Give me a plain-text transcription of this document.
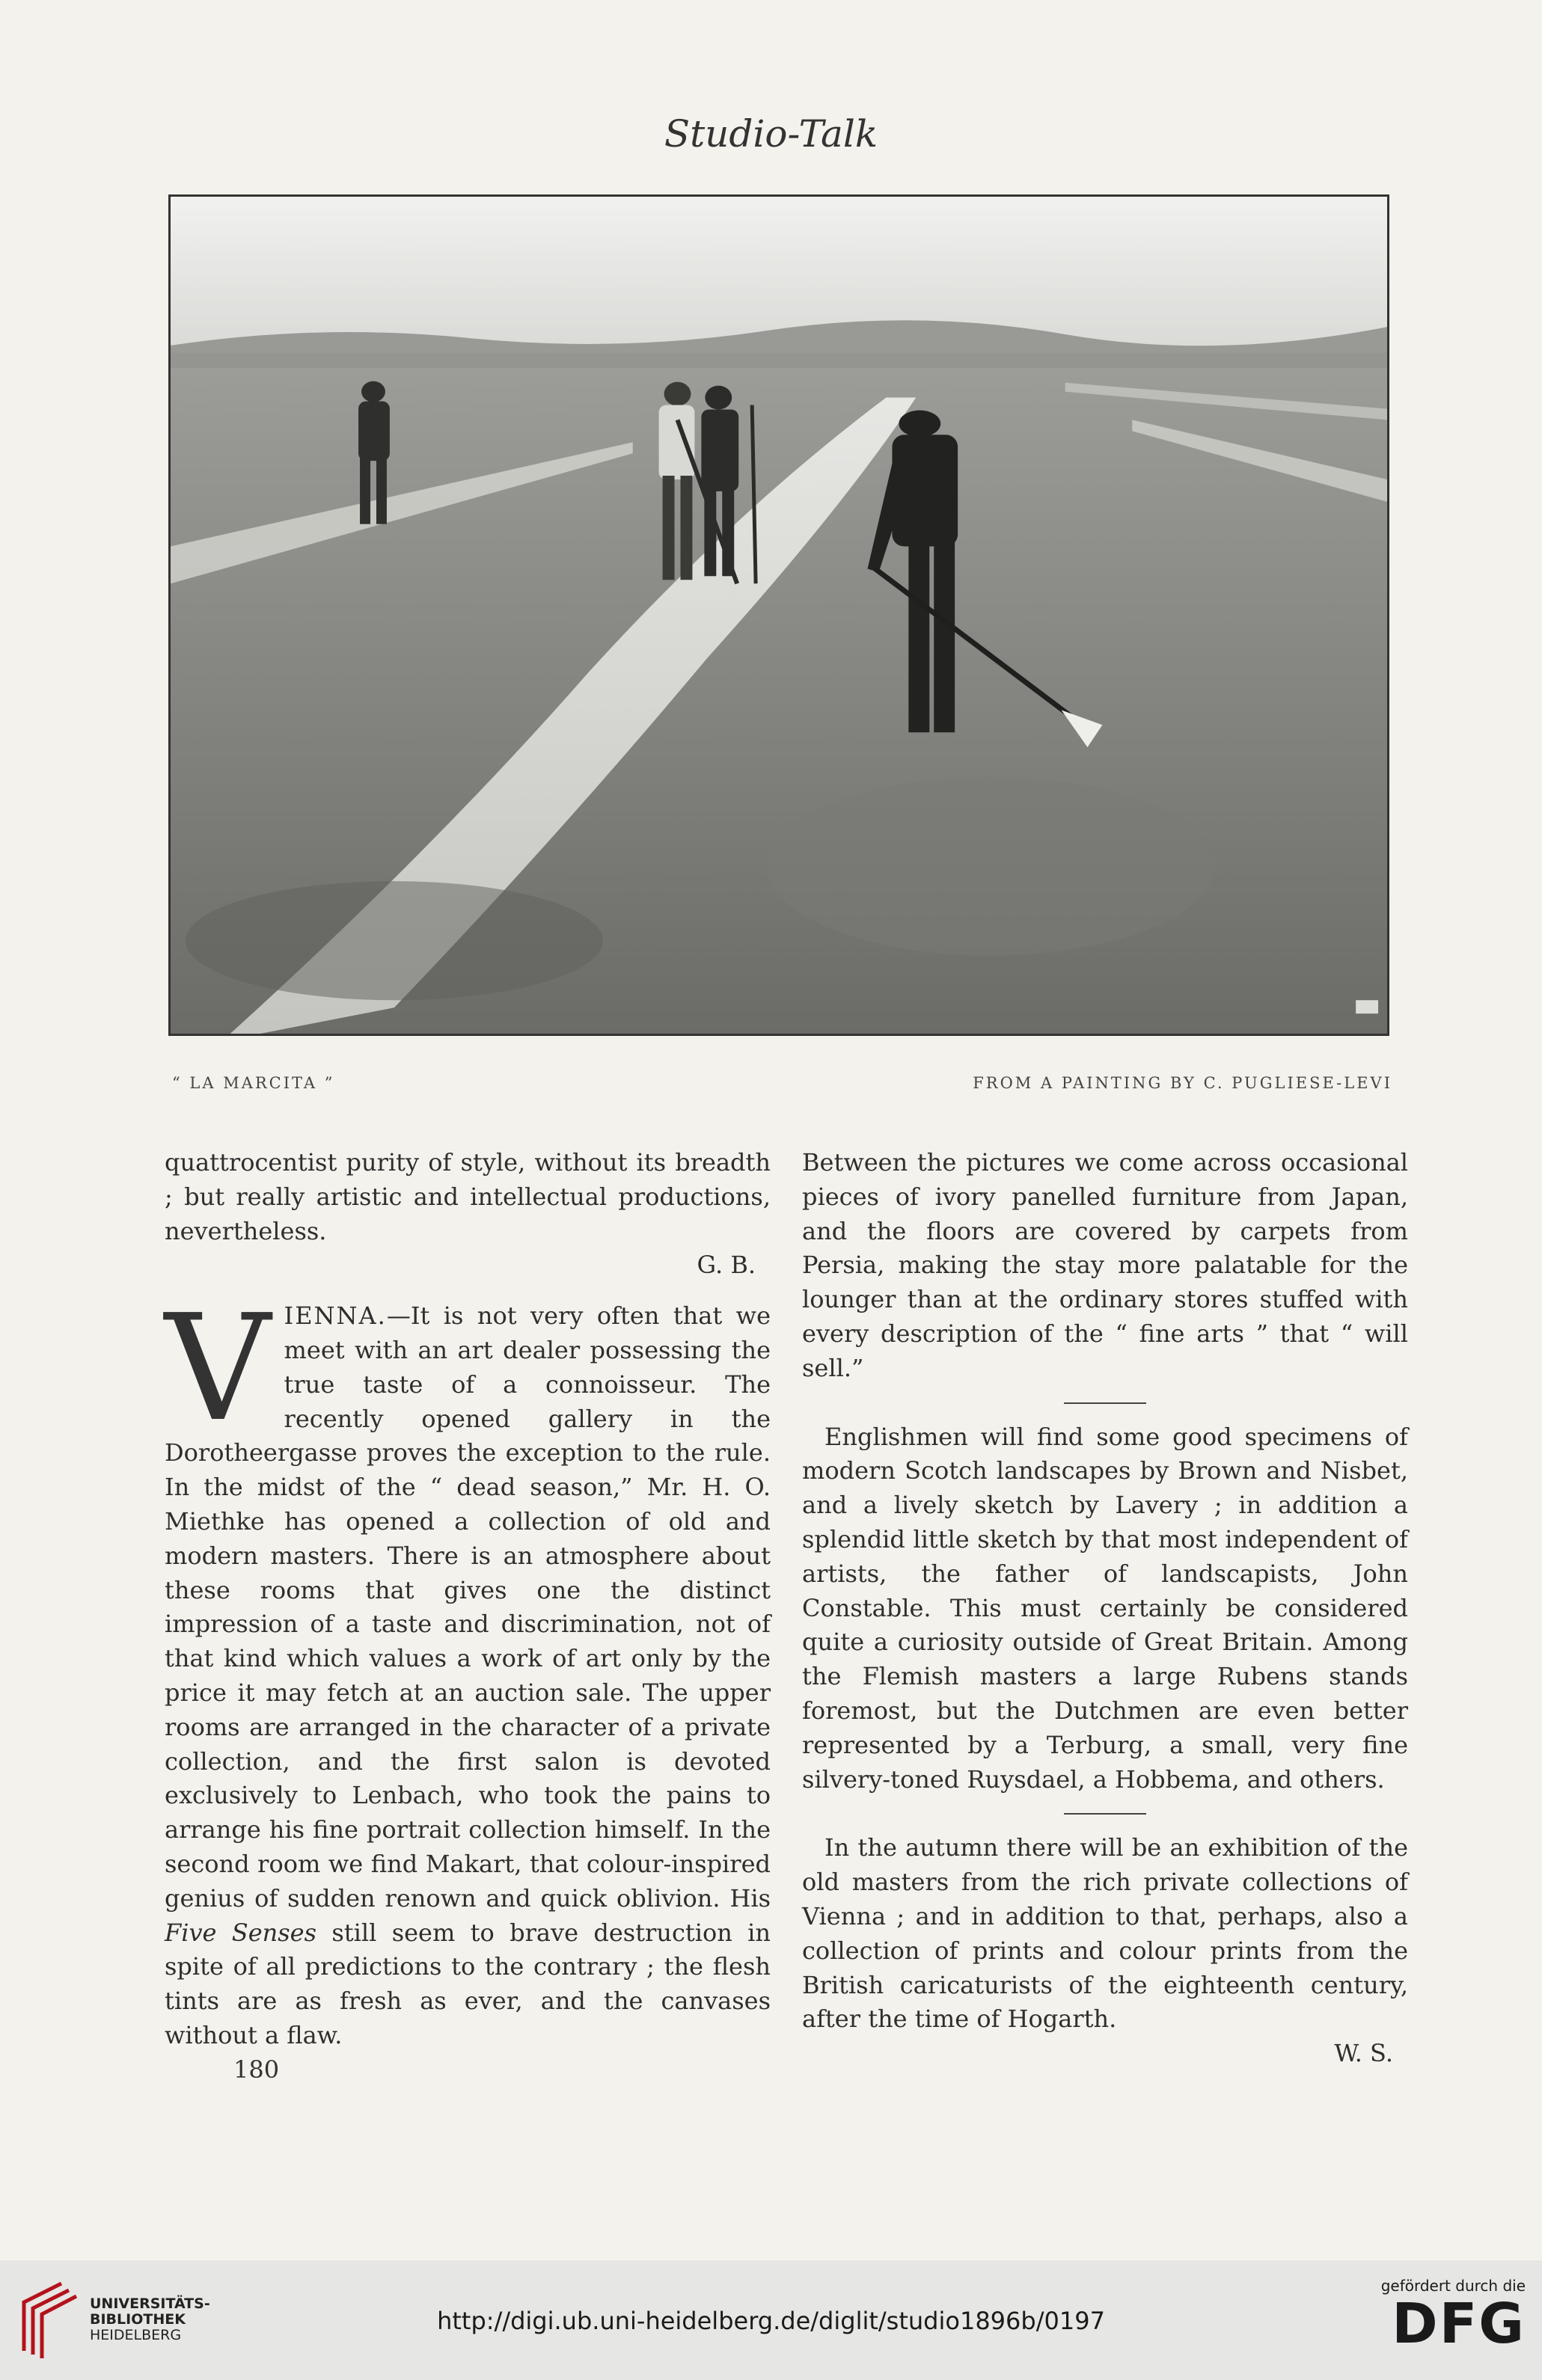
Studio-Talk
“ LA MARCITA ”	FROM A PAINTING BY C. PUGLIESE-LEVI

quattrocentist purity of style, without its breadth ; but really artistic and intellectual productions, nevertheless.

G. B.

VIENNA.—It is not very often that we meet with an art dealer possessing the true taste of a connoisseur. The recently opened gallery in the Dorotheergasse proves the exception to the rule. In the midst of the “ dead season,” Mr. H. O. Miethke has opened a collection of old and modern masters. There is an atmosphere about these rooms that gives one the distinct impression of a taste and discrimination, not of that kind which values a work of art only by the price it may fetch at an auction sale. The upper rooms are arranged in the character of a private collection, and the first salon is devoted exclusively to Lenbach, who took the pains to arrange his fine portrait collection himself. In the second room we find Makart, that colour-inspired genius of sudden renown and quick oblivion. His Five Senses still seem to brave destruction in spite of all predictions to the contrary ; the flesh tints are as fresh as ever, and the canvases without a flaw.

180

Between the pictures we come across occasional pieces of ivory panelled furniture from Japan, and the floors are covered by carpets from Persia, making the stay more palatable for the lounger than at the ordinary stores stuffed with every description of the “ fine arts ” that “ will sell.”

Englishmen will find some good specimens of modern Scotch landscapes by Brown and Nisbet, and a lively sketch by Lavery ; in addition a splendid little sketch by that most independent of artists, the father of landscapists, John Constable. This must certainly be considered quite a curiosity outside of Great Britain. Among the Flemish masters a large Rubens stands foremost, but the Dutchmen are even better represented by a Terburg, a small, very fine silvery-toned Ruysdael, a Hobbema, and others.

In the autumn there will be an exhibition of the old masters from the rich private collections of Vienna ; and in addition to that, perhaps, also a collection of prints and colour prints from the British caricaturists of the eighteenth century, after the time of Hogarth.

W. S.

UNIVERSITÄTS-
BIBLIOTHEK
HEIDELBERG	http://digi.ub.uni-heidelberg.de/diglit/studio1896b/0197
gefördert durch die
DFG
